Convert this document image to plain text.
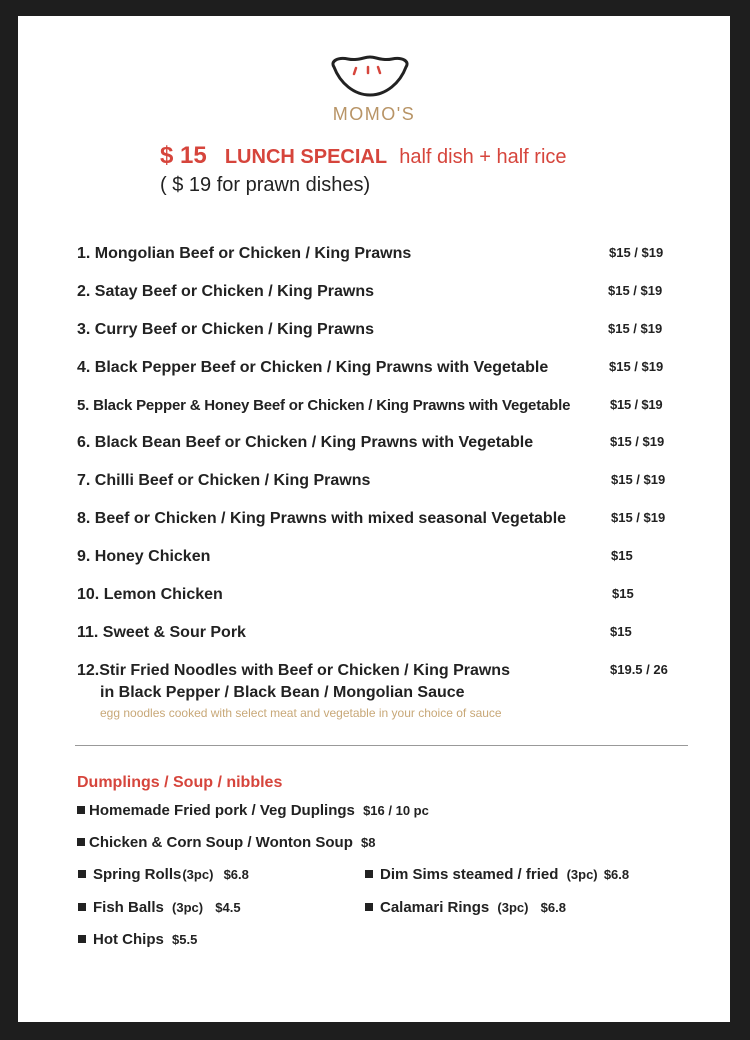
MOMO'S
$ 15 LUNCH SPECIAL half dish + half rice
( $ 19 for prawn dishes)
1. Mongolian Beef or Chicken / King Prawns	$15 / $19
2. Satay Beef or Chicken / King Prawns	$15 / $19
3. Curry Beef or Chicken / King Prawns	$15 / $19
4. Black Pepper Beef or Chicken / King Prawns with Vegetable	$15 / $19
5. Black Pepper & Honey Beef or Chicken / King Prawns with Vegetable	$15 / $19
6. Black Bean Beef or Chicken / King Prawns with Vegetable	$15 / $19
7. Chilli Beef or Chicken / King Prawns	$15 / $19
8. Beef or Chicken / King Prawns with mixed seasonal Vegetable	$15 / $19
9. Honey Chicken	$15
10. Lemon Chicken	$15
11. Sweet & Sour Pork	$15
12.Stir Fried Noodles with Beef or Chicken / King Prawns	$19.5 / 26
in Black Pepper / Black Bean / Mongolian Sauce
egg noodles cooked with select meat and vegetable in your choice of sauce
Dumplings / Soup / nibbles
Homemade Fried pork / Veg Duplings $16 / 10 pc
Chicken & Corn Soup / Wonton Soup $8
Spring Rolls(3pc) $6.8	Dim Sims steamed / fried (3pc) $6.8
Fish Balls (3pc) $4.5	Calamari Rings (3pc) $6.8
Hot Chips $5.5
